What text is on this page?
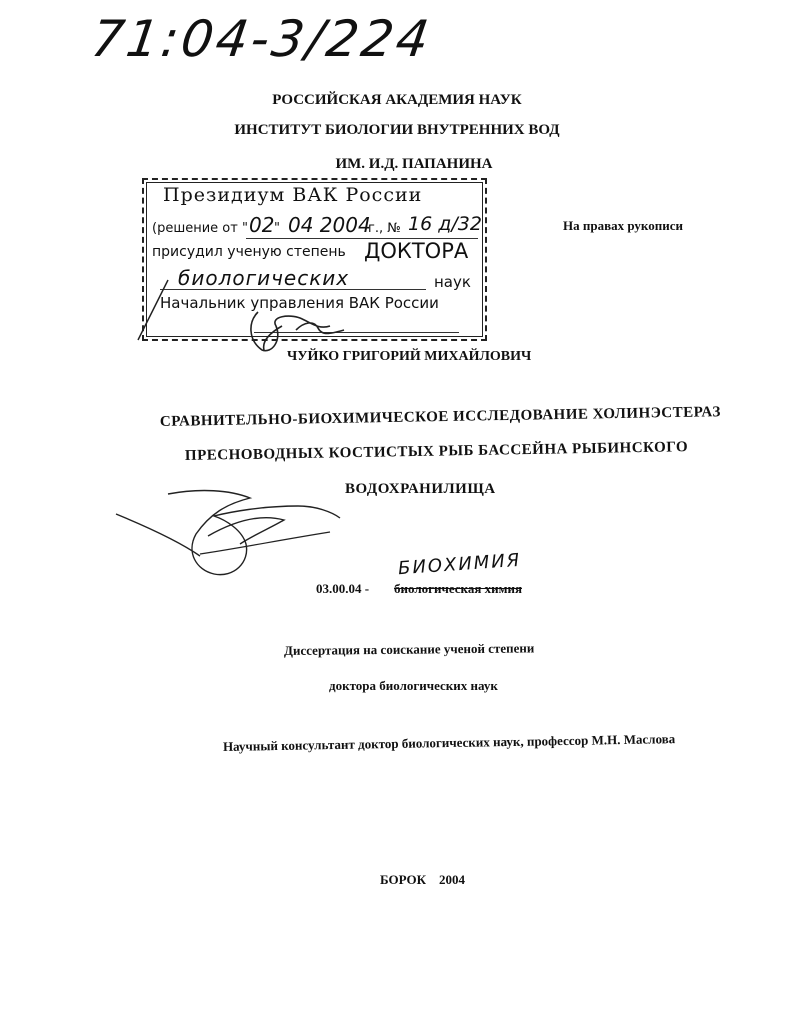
71:04-3/224
РОССИЙСКАЯ АКАДЕМИЯ НАУК
ИНСТИТУТ БИОЛОГИИ ВНУТРЕННИХ ВОД
ИМ. И.Д. ПАПАНИНА
Президиум ВАК России
(решение от " 02 " 04 2004
г., № 16 д/32
присудил ученую степень ДОКТОРА
биологических	наук
Начальник управления ВАК России
На правах рукописи
ЧУЙКО ГРИГОРИЙ МИХАЙЛОВИЧ
СРАВНИТЕЛЬНО-БИОХИМИЧЕСКОЕ ИССЛЕДОВАНИЕ ХОЛИНЭСТЕРАЗ
ПРЕСНОВОДНЫХ КОСТИСТЫХ РЫБ БАССЕЙНА РЫБИНСКОГО
ВОДОХРАНИЛИЩА
БИОХИМИЯ
03.00.04 - биологическая химия
Диссертация на соискание ученой степени
доктора биологических наук
Научный консультант доктор биологических наук, профессор М.Н. Маслова
БОРОК 2004
